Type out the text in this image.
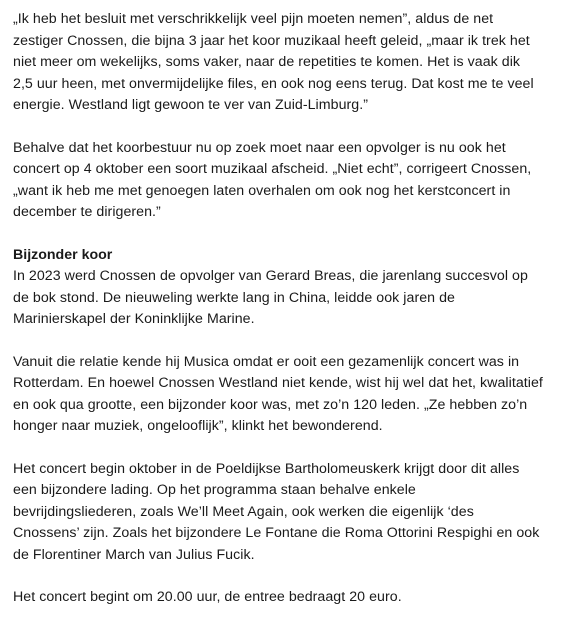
„Ik heb het besluit met verschrikkelijk veel pijn moeten nemen”, aldus de net zestiger Cnossen, die bijna 3 jaar het koor muzikaal heeft geleid, „maar ik trek het niet meer om wekelijks, soms vaker, naar de repetities te komen. Het is vaak dik 2,5 uur heen, met onvermijdelijke files, en ook nog eens terug. Dat kost me te veel energie. Westland ligt gewoon te ver van Zuid-Limburg.”

Behalve dat het koorbestuur nu op zoek moet naar een opvolger is nu ook het concert op 4 oktober een soort muzikaal afscheid. „Niet echt”, corrigeert Cnossen, „want ik heb me met genoegen laten overhalen om ook nog het kerstconcert in december te dirigeren.”

Bijzonder koor

In 2023 werd Cnossen de opvolger van Gerard Breas, die jarenlang succesvol op de bok stond. De nieuweling werkte lang in China, leidde ook jaren de Marinierskapel der Koninklijke Marine.

Vanuit die relatie kende hij Musica omdat er ooit een gezamenlijk concert was in Rotterdam. En hoewel Cnossen Westland niet kende, wist hij wel dat het, kwalitatief en ook qua grootte, een bijzonder koor was, met zo’n 120 leden. „Ze hebben zo’n honger naar muziek, ongelooflijk”, klinkt het bewonderend.

Het concert begin oktober in de Poeldijkse Bartholomeuskerk krijgt door dit alles een bijzondere lading. Op het programma staan behalve enkele bevrijdingsliederen, zoals We’ll Meet Again, ook werken die eigenlijk ‘des Cnossens’ zijn. Zoals het bijzondere Le Fontane die Roma Ottorini Respighi en ook de Florentiner March van Julius Fucik.

Het concert begint om 20.00 uur, de entree bedraagt 20 euro.
